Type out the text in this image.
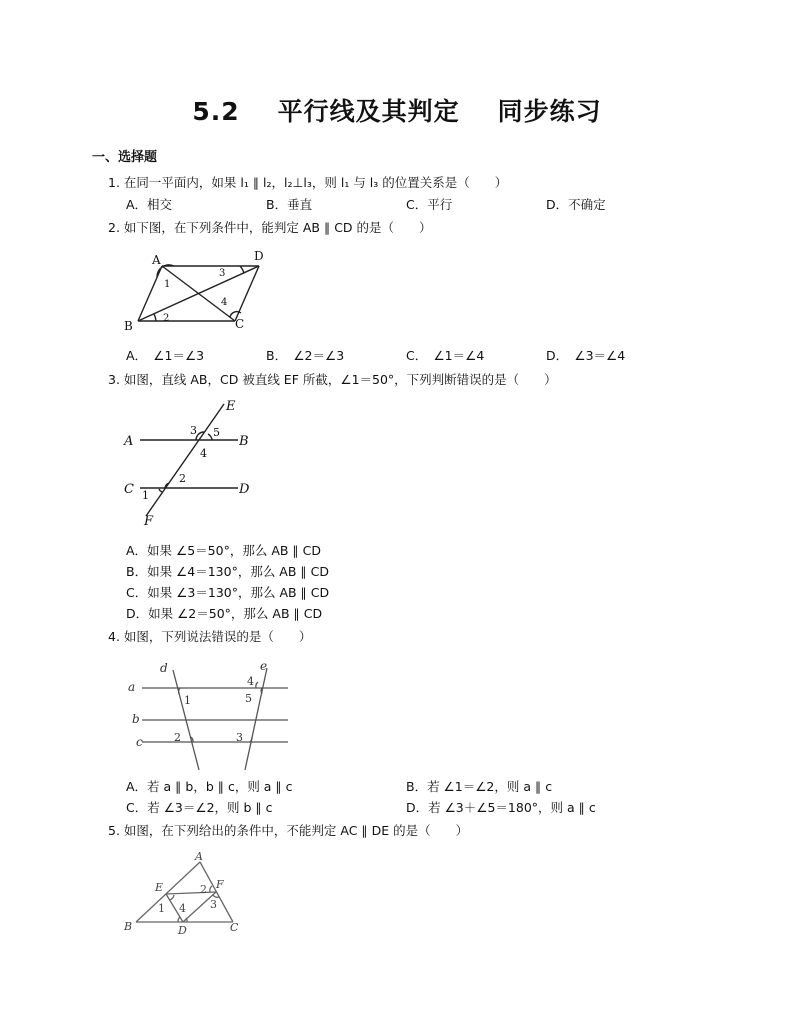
5.2 平行线及其判定 同步练习
一、选择题
1. 在同一平面内，如果 l₁ ∥ l₂，l₂⊥l₃，则 l₁ 与 l₃ 的位置关系是（　　）
A．相交	B．垂直	C．平行	D．不确定
2. 如下图，在下列条件中，能判定 AB ∥ CD 的是（　　）
A
B	C
D
1
2
3
4
A．　∠1＝∠3	B．　∠2＝∠3	C．　∠1＝∠4	D．　∠3＝∠4
3. 如图，直线 AB，CD 被直线 EF 所截，∠1＝50°，下列判断错误的是（　　）
E
A	B
C	D
F
1
2
3
4
5
A．如果 ∠5＝50°，那么 AB ∥ CD
B．如果 ∠4＝130°，那么 AB ∥ CD
C．如果 ∠3＝130°，那么 AB ∥ CD
D．如果 ∠2＝50°，那么 AB ∥ CD
4. 如图，下列说法错误的是（　　）
d	e
a
b
c
1
2	3
4
5
A．若 a ∥ b，b ∥ c，则 a ∥ c	B．若 ∠1＝∠2，则 a ∥ c
C．若 ∠3＝∠2，则 b ∥ c	D．若 ∠3＋∠5＝180°，则 a ∥ c
5. 如图，在下列给出的条件中，不能判定 AC ∥ DE 的是（　　）
A
B	C
D
E	F
1
2
3
4
